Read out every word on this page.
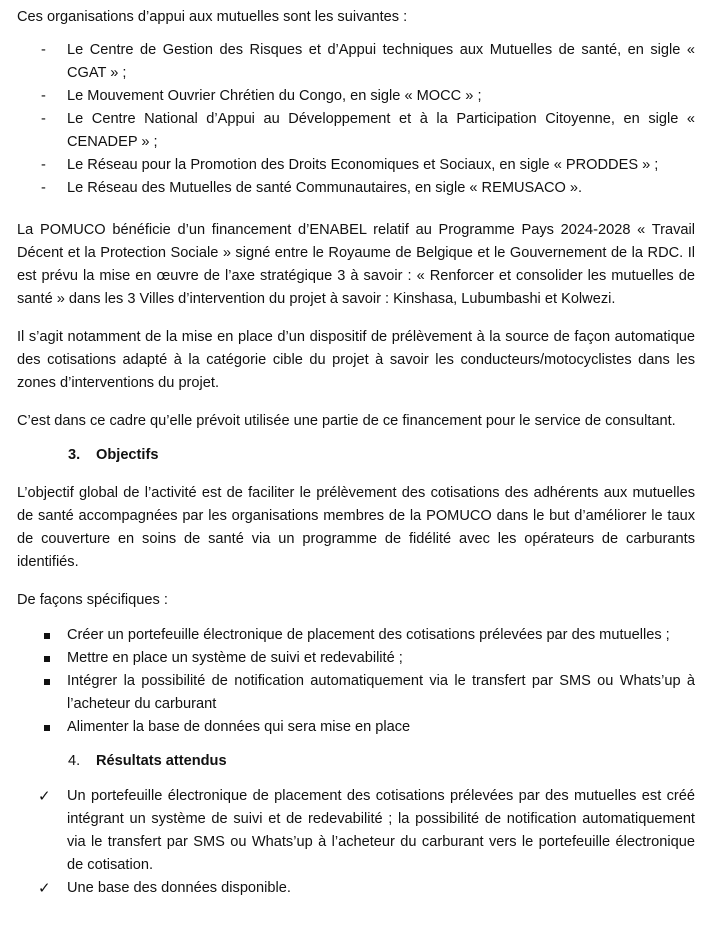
Ces organisations d’appui aux mutuelles sont les suivantes :

- Le Centre de Gestion des Risques et d’Appui techniques aux Mutuelles de santé, en sigle « CGAT » ;
- Le Mouvement Ouvrier Chrétien du Congo, en sigle « MOCC » ;
- Le Centre National d’Appui au Développement et à la Participation Citoyenne, en sigle « CENADEP » ;
- Le Réseau pour la Promotion des Droits Economiques et Sociaux, en sigle « PRODDES » ;
- Le Réseau des Mutuelles de santé Communautaires, en sigle « REMUSACO ».

La POMUCO bénéficie d’un financement d’ENABEL relatif au Programme Pays 2024-2028 « Travail Décent et la Protection Sociale » signé entre le Royaume de Belgique et le Gouvernement de la RDC. Il est prévu la mise en œuvre de l’axe stratégique 3 à savoir : « Renforcer et consolider les mutuelles de santé » dans les 3 Villes d’intervention du projet à savoir : Kinshasa, Lubumbashi et Kolwezi.

Il s’agit notamment de la mise en place d’un dispositif de prélèvement à la source de façon automatique des cotisations adapté à la catégorie cible du projet à savoir les conducteurs/motocyclistes dans les zones d’interventions du projet.

C’est dans ce cadre qu’elle prévoit utilisée une partie de ce financement pour le service de consultant.

3. Objectifs

L’objectif global de l’activité est de faciliter le prélèvement des cotisations des adhérents aux mutuelles de santé accompagnées par les organisations membres de la POMUCO dans le but d’améliorer le taux de couverture en soins de santé via un programme de fidélité avec les opérateurs de carburants identifiés.

De façons spécifiques :

Créer un portefeuille électronique de placement des cotisations prélevées par des mutuelles ;
Mettre en place un système de suivi et redevabilité ;
Intégrer la possibilité de notification automatiquement via le transfert par SMS ou Whats’up à l’acheteur du carburant
Alimenter la base de données qui sera mise en place
4. Résultats attendus
✓ Un portefeuille électronique de placement des cotisations prélevées par des mutuelles est créé intégrant un système de suivi et de redevabilité ; la possibilité de notification automatiquement via le transfert par SMS ou Whats’up à l’acheteur du carburant vers le portefeuille électronique de cotisation.
✓ Une base des données disponible.
